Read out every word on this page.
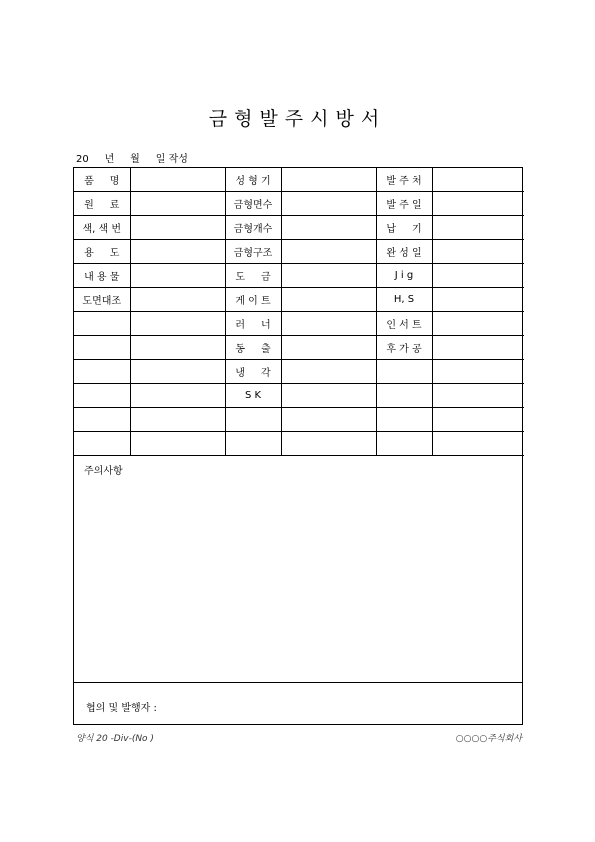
금형발주시방서
20     년     월     일 작성
품     명		성 형 기		발 주 처	
원     료		금형면수		발 주 일	
색, 색 번		금형개수		납     기	
용     도		금형구조		완 성 일	
내 용 물		도     금		J i g	
도면대조		게 이 트		H, S	
		러     너		인 서 트	
		동     출		후 가 공	
		냉     각			
		S K			

주의사항
협의 및 발행자 :
양식 20 -Div-(No )	○○○○주식회사
